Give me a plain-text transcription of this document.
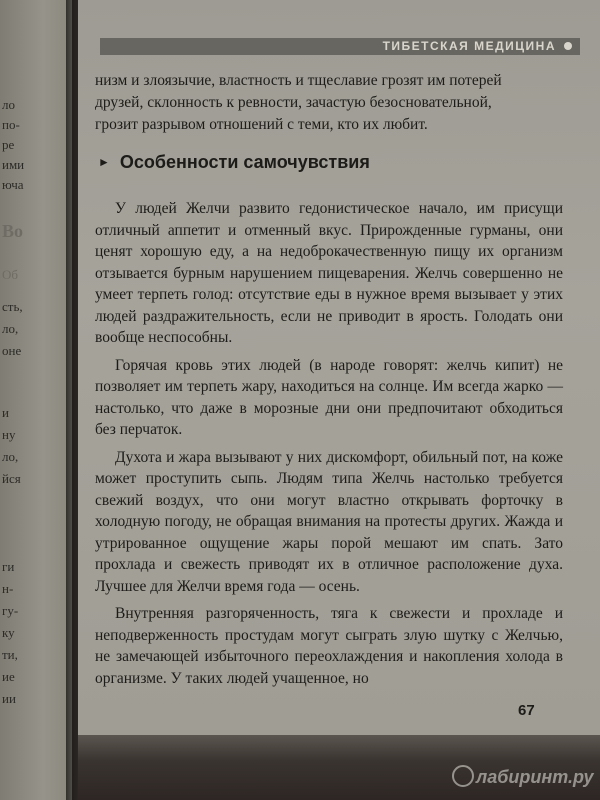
ло
по-
ре
ими
юча
Во
Об
сть,
ло,
оне
и
ну
ло,
йся
ги
н-
гу-
ку
ти,
ие
ии
ТИБЕТСКАЯ МЕДИЦИНА

низм и злоязычие, властность и тщеславие грозят им потерей

друзей, склонность к ревности, зачастую безосновательной,

грозит разрывом отношений с теми, кто их любит.

► Особенности самочувствия

У людей Желчи развито гедонистическое начало, им присущи отличный аппетит и отменный вкус. Прирожденные гурманы, они ценят хорошую еду, а на недоброкачественную пищу их организм отзывается бурным нарушением пищеварения. Желчь совершенно не умеет терпеть голод: отсутствие еды в нужное время вызывает у этих людей раздражительность, если не приводит в ярость. Голодать они вообще неспособны.

Горячая кровь этих людей (в народе говорят: желчь кипит) не позволяет им терпеть жару, находиться на солнце. Им всегда жарко — настолько, что даже в морозные дни они предпочитают обходиться без перчаток.

Духота и жара вызывают у них дискомфорт, обильный пот, на коже может проступить сыпь. Людям типа Желчь настолько требуется свежий воздух, что они могут властно открывать форточку в холодную погоду, не обращая внимания на протесты других. Жажда и утрированное ощущение жары порой мешают им спать. Зато прохлада и свежесть приводят их в отличное расположение духа. Лучшее для Желчи время года — осень.

Внутренняя разгоряченность, тяга к свежести и прохладе и неподверженность простудам могут сыграть злую шутку с Желчью, не замечающей избыточного переохлаждения и накопления холода в организме. У таких людей учащенное, но

67
лабиринт.ру
